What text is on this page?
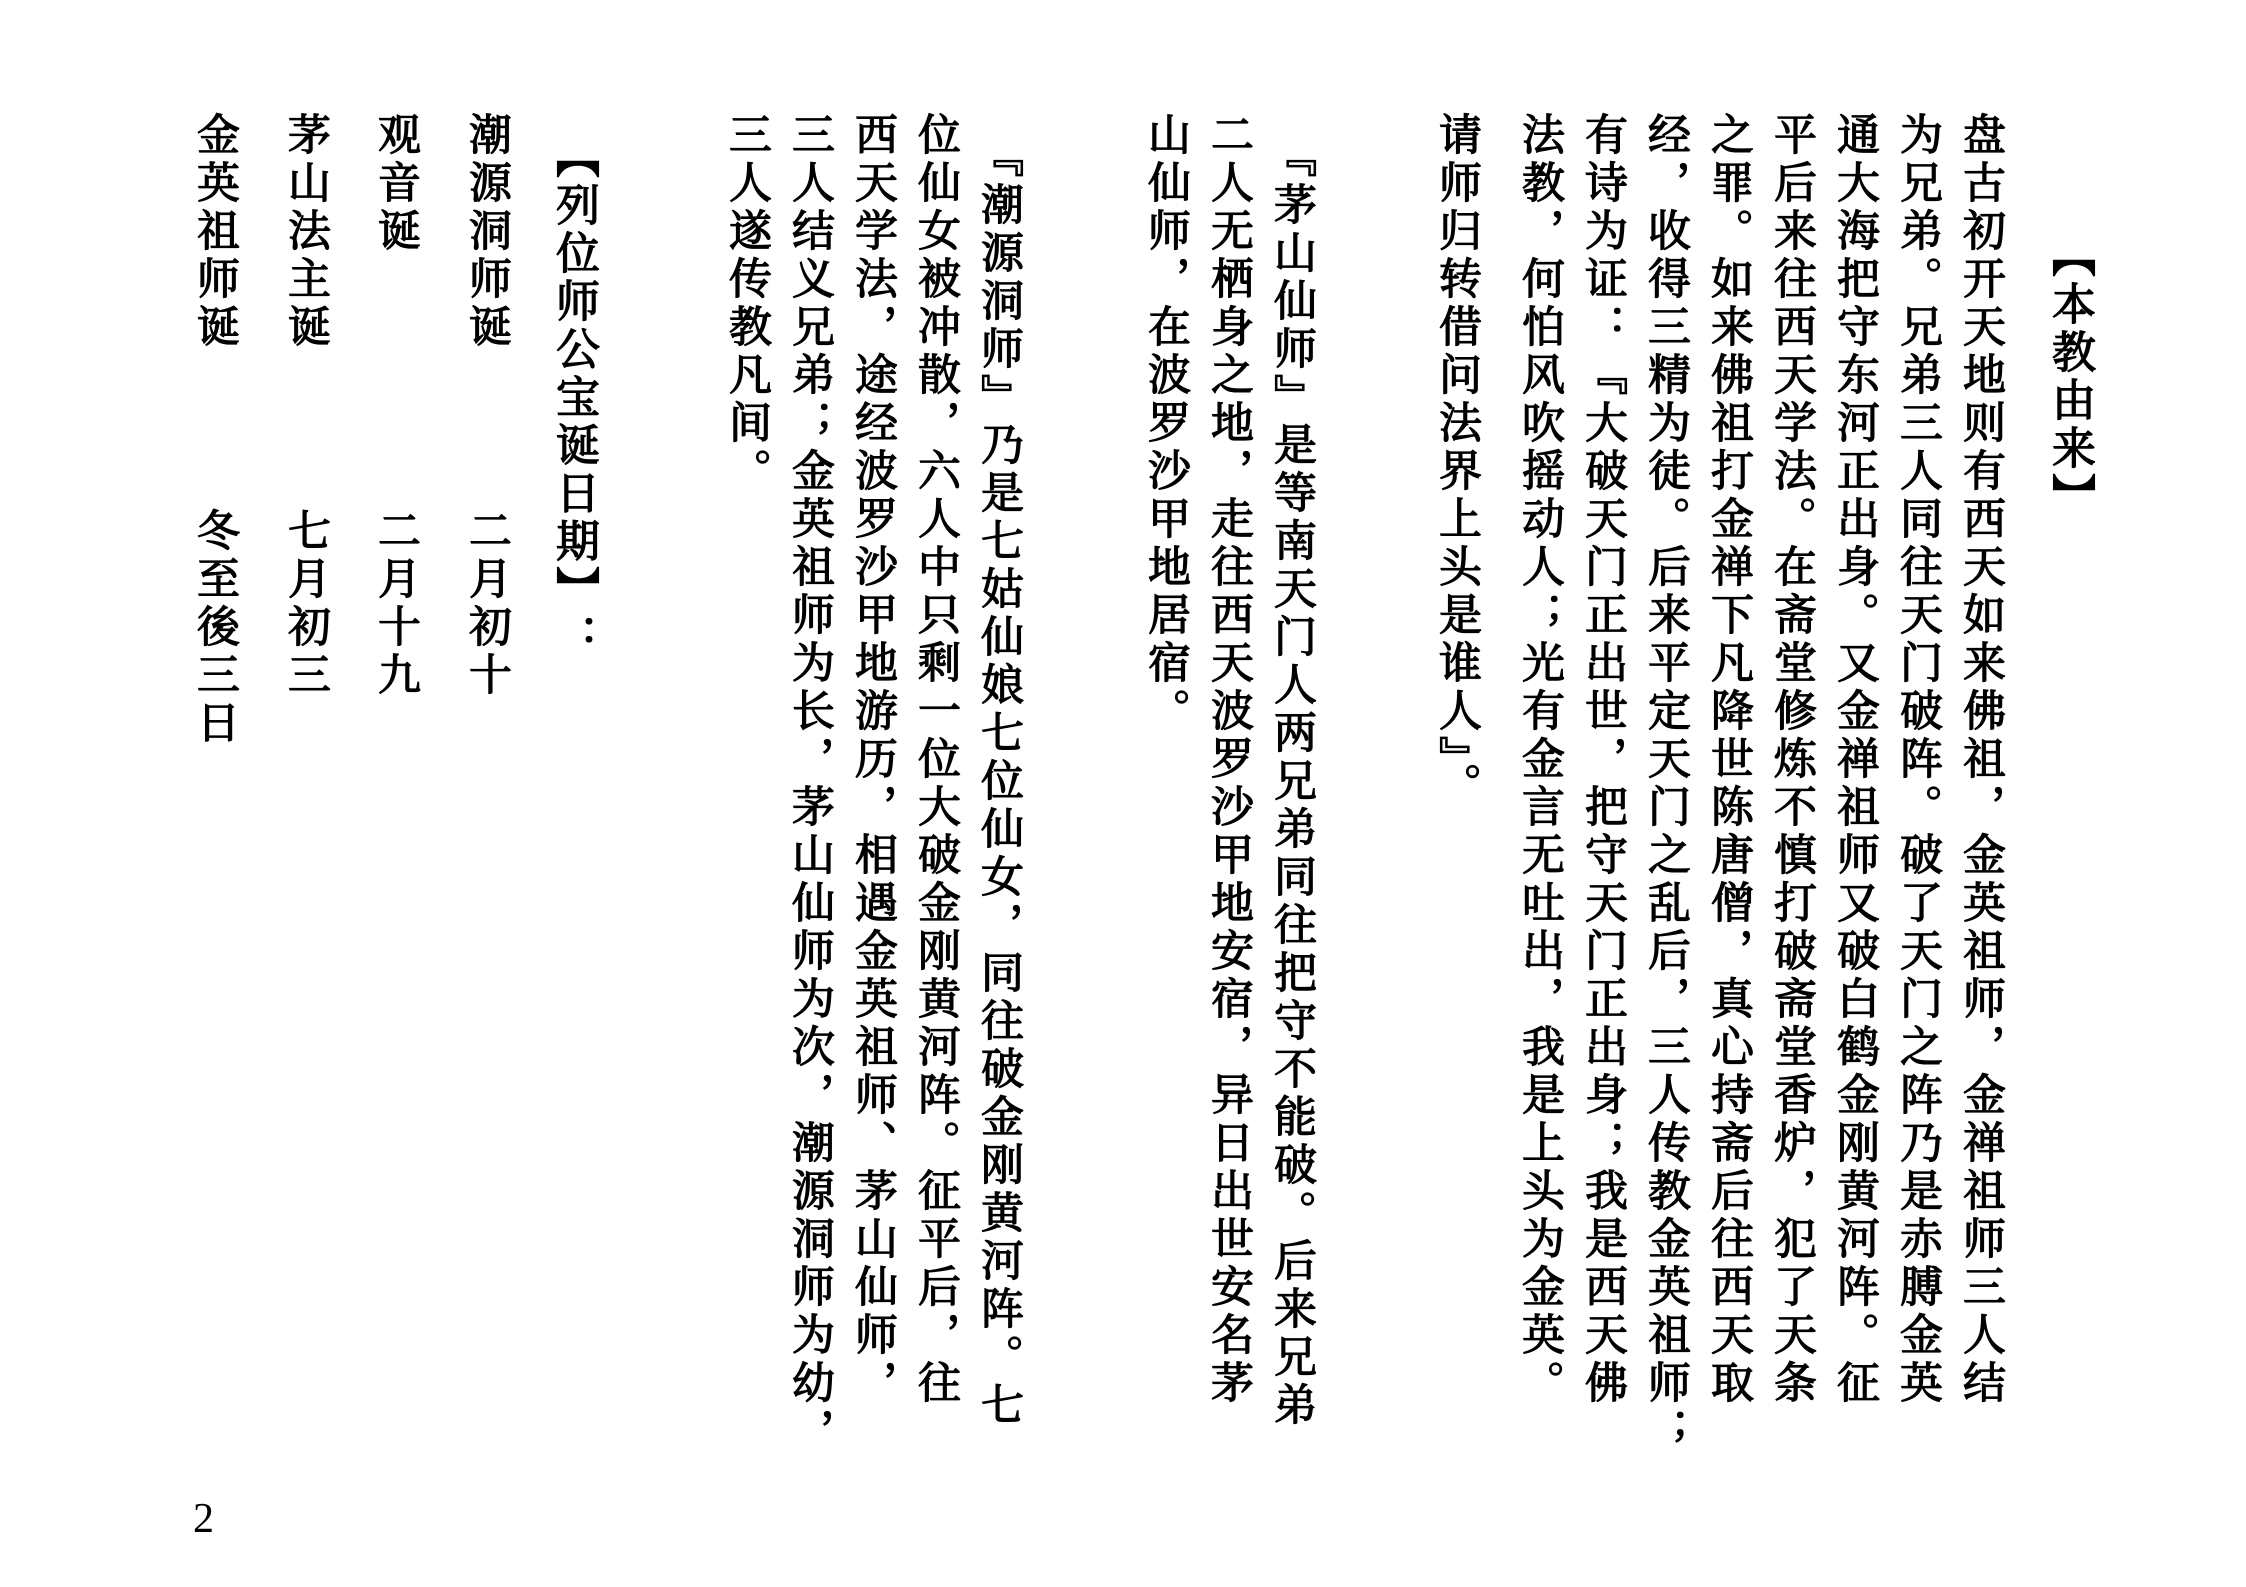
【本教由来】
盘古初开天地则有西天如来佛祖，金英祖师，金禅祖师三人结
为兄弟。兄弟三人同往天门破阵。破了天门之阵乃是赤膊金英
通大海把守东河正出身。又金禅祖师又破白鹤金刚黄河阵。征
平后来往西天学法。在斋堂修炼不慎打破斋堂香炉，犯了天条
之罪。如来佛祖打金禅下凡降世陈唐僧，真心持斋后往西天取
经，收得三精为徒。后来平定天门之乱后，三人传教金英祖师；
有诗为证：『大破天门正出世，把守天门正出身；我是西天佛
法教，何怕风吹摇动人；光有金言无吐出，我是上头为金英。
请师归转借问法界上头是谁人』。
『茅山仙师』是等南天门人两兄弟同往把守不能破。后来兄弟
二人无栖身之地，走往西天波罗沙甲地安宿，异日出世安名茅
山仙师，在波罗沙甲地居宿。
『潮源洞师』乃是七姑仙娘七位仙女，同往破金刚黄河阵。七
位仙女被冲散，六人中只剩一位大破金刚黄河阵。征平后，往
西天学法，途经波罗沙甲地游历，相遇金英祖师、茅山仙师，
三人结义兄弟；金英祖师为长，茅山仙师为次，潮源洞师为幼，
三人遂传教凡间。
【列位师公宝诞日期】：
潮源洞师诞
二月初十
观音诞
二月十九
茅山法主诞
七月初三
金英祖师诞
冬至後三日
2
